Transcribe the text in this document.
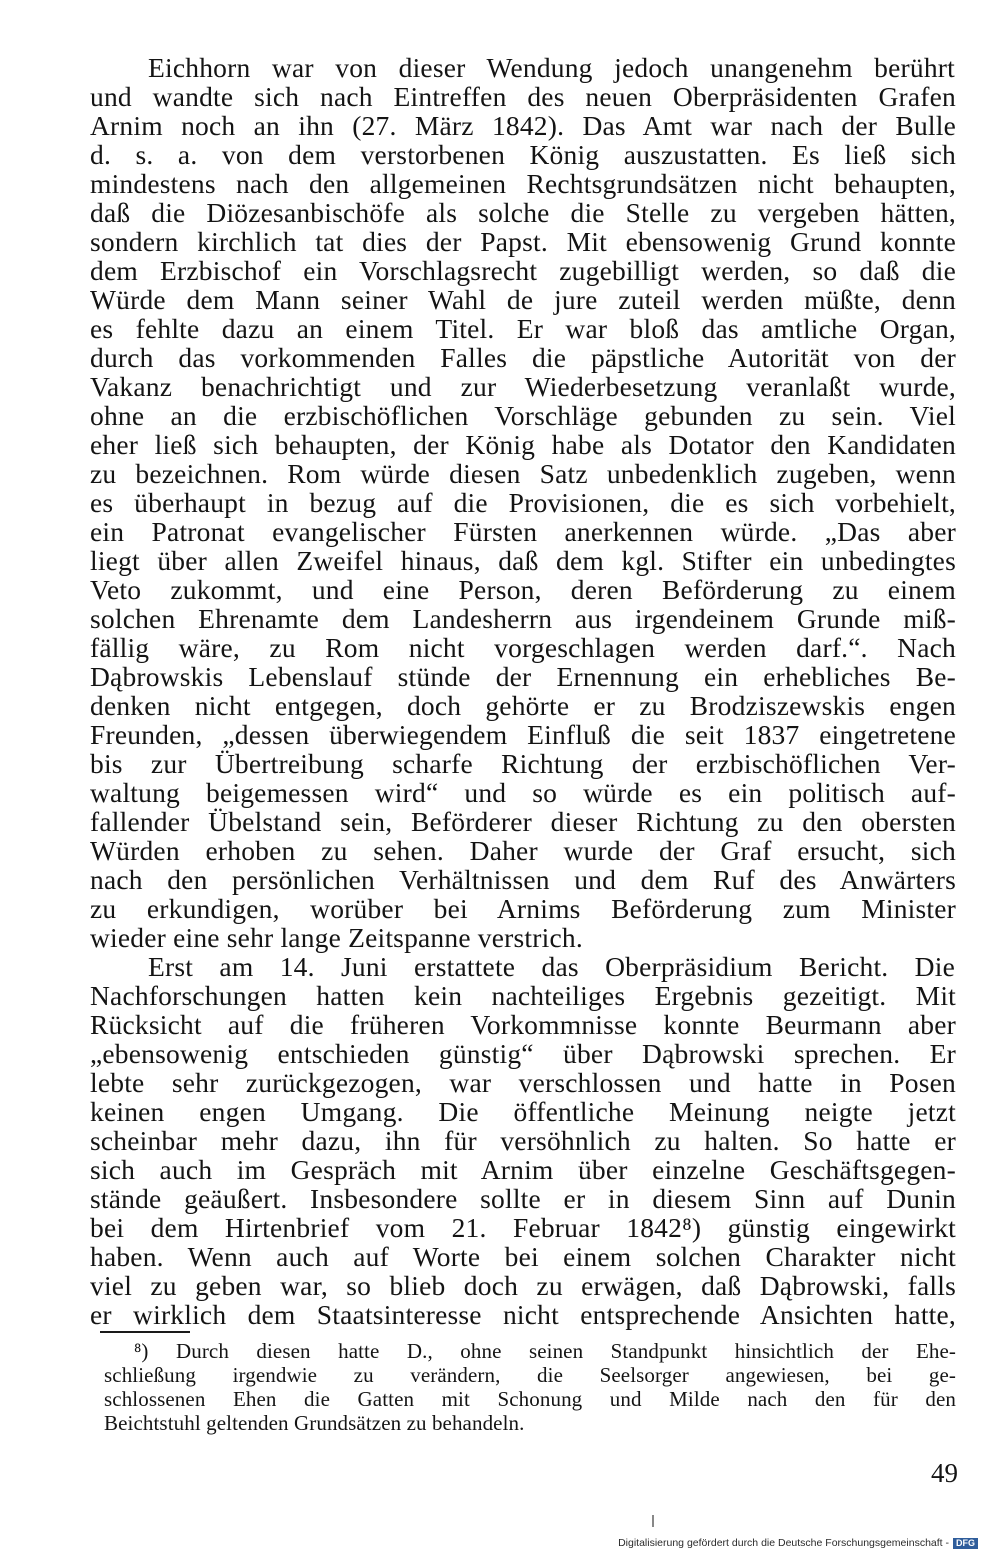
Eichhorn war von dieser Wendung jedoch unangenehm berührt
und wandte sich nach Eintreffen des neuen Oberpräsidenten Grafen
Arnim noch an ihn (27. März 1842). Das Amt war nach der Bulle
d. s. a. von dem verstorbenen König auszustatten. Es ließ sich
mindestens nach den allgemeinen Rechtsgrundsätzen nicht behaupten,
daß die Diözesanbischöfe als solche die Stelle zu vergeben hätten,
sondern kirchlich tat dies der Papst. Mit ebensowenig Grund konnte
dem Erzbischof ein Vorschlagsrecht zugebilligt werden, so daß die
Würde dem Mann seiner Wahl de jure zuteil werden müßte, denn
es fehlte dazu an einem Titel. Er war bloß das amtliche Organ,
durch das vorkommenden Falles die päpstliche Autorität von der
Vakanz benachrichtigt und zur Wiederbesetzung veranlaßt wurde,
ohne an die erzbischöflichen Vorschläge gebunden zu sein. Viel
eher ließ sich behaupten, der König habe als Dotator den Kandidaten
zu bezeichnen. Rom würde diesen Satz unbedenklich zugeben, wenn
es überhaupt in bezug auf die Provisionen, die es sich vorbehielt,
ein Patronat evangelischer Fürsten anerkennen würde. „Das aber
liegt über allen Zweifel hinaus, daß dem kgl. Stifter ein unbedingtes
Veto zukommt, und eine Person, deren Beförderung zu einem
solchen Ehrenamte dem Landesherrn aus irgendeinem Grunde miß-
fällig wäre, zu Rom nicht vorgeschlagen werden darf.“. Nach
Dąbrowskis Lebenslauf stünde der Ernennung ein erhebliches Be-
denken nicht entgegen, doch gehörte er zu Brodziszewskis engen
Freunden, „dessen überwiegendem Einfluß die seit 1837 eingetretene
bis zur Übertreibung scharfe Richtung der erzbischöflichen Ver-
waltung beigemessen wird“ und so würde es ein politisch auf-
fallender Übelstand sein, Beförderer dieser Richtung zu den obersten
Würden erhoben zu sehen. Daher wurde der Graf ersucht, sich
nach den persönlichen Verhältnissen und dem Ruf des Anwärters
zu erkundigen, worüber bei Arnims Beförderung zum Minister
wieder eine sehr lange Zeitspanne verstrich.
Erst am 14. Juni erstattete das Oberpräsidium Bericht. Die
Nachforschungen hatten kein nachteiliges Ergebnis gezeitigt. Mit
Rücksicht auf die früheren Vorkommnisse konnte Beurmann aber
„ebensowenig entschieden günstig“ über Dąbrowski sprechen. Er
lebte sehr zurückgezogen, war verschlossen und hatte in Posen
keinen engen Umgang. Die öffentliche Meinung neigte jetzt
scheinbar mehr dazu, ihn für versöhnlich zu halten. So hatte er
sich auch im Gespräch mit Arnim über einzelne Geschäftsgegen-
stände geäußert. Insbesondere sollte er in diesem Sinn auf Dunin
bei dem Hirtenbrief vom 21. Februar 1842⁸) günstig eingewirkt
haben. Wenn auch auf Worte bei einem solchen Charakter nicht
viel zu geben war, so blieb doch zu erwägen, daß Dąbrowski, falls
er wirklich dem Staatsinteresse nicht entsprechende Ansichten hatte,
⁸) Durch diesen hatte D., ohne seinen Standpunkt hinsichtlich der Ehe-
schließung irgendwie zu verändern, die Seelsorger angewiesen, bei ge-
schlossenen Ehen die Gatten mit Schonung und Milde nach den für den
Beichtstuhl geltenden Grundsätzen zu behandeln.
49
Digitalisierung gefördert durch die Deutsche Forschungsgemeinschaft - DFG
